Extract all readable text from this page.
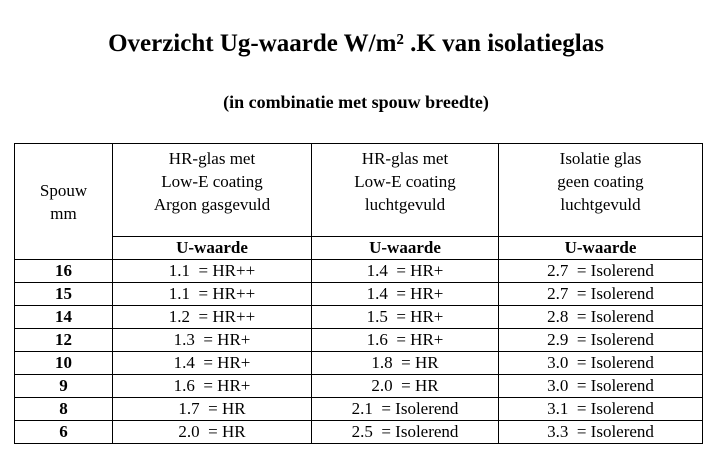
Overzicht Ug-waarde W/m² .K van isolatieglas
(in combinatie met spouw breedte)
Spouw
mm	HR-glas met
Low-E coating
Argon gasgevuld	HR-glas met
Low-E coating
luchtgevuld	Isolatie glas
geen coating
luchtgevuld

	U-waarde	U-waarde	U-waarde
16	1.1  = HR++	1.4  = HR+	2.7  = Isolerend
15	1.1  = HR++	1.4  = HR+	2.7  = Isolerend
14	1.2  = HR++	1.5  = HR+	2.8  = Isolerend
12	1.3  = HR+	1.6  = HR+	2.9  = Isolerend
10	1.4  = HR+	1.8  = HR	3.0  = Isolerend
9	1.6  = HR+	2.0  = HR	3.0  = Isolerend
8	1.7  = HR	2.1  = Isolerend	3.1  = Isolerend
6	2.0  = HR	2.5  = Isolerend	3.3  = Isolerend
